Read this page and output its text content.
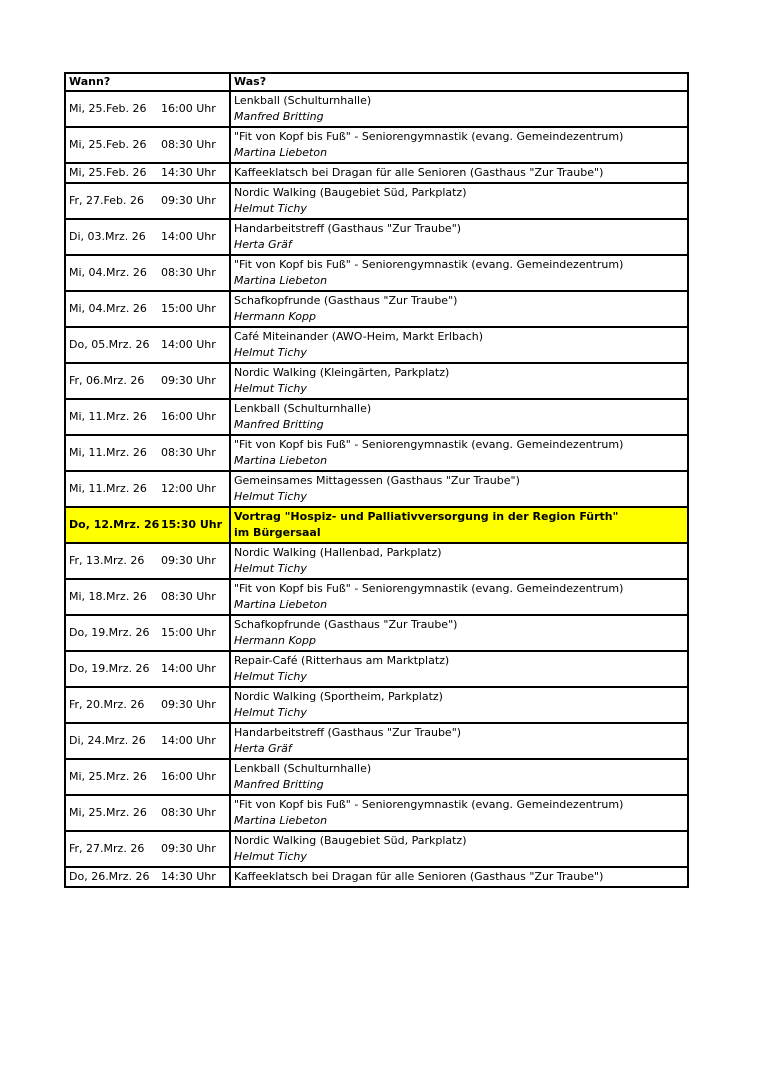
Wann?	Was?

Mi, 25.Feb. 26 16:00 Uhr	Lenkball (Schulturnhalle)
Manfred Britting

Mi, 25.Feb. 26 08:30 Uhr	"Fit von Kopf bis Fuß" - Seniorengymnastik (evang. Gemeindezentrum)
Martina Liebeton

Mi, 25.Feb. 26 14:30 Uhr	Kaffeeklatsch bei Dragan für alle Senioren (Gasthaus "Zur Traube")

Fr, 27.Feb. 26 09:30 Uhr	Nordic Walking (Baugebiet Süd, Parkplatz)
Helmut Tichy

Di, 03.Mrz. 26 14:00 Uhr	Handarbeitstreff (Gasthaus "Zur Traube")
Herta Gräf

Mi, 04.Mrz. 26 08:30 Uhr	"Fit von Kopf bis Fuß" - Seniorengymnastik (evang. Gemeindezentrum)
Martina Liebeton

Mi, 04.Mrz. 26 15:00 Uhr	Schafkopfrunde (Gasthaus "Zur Traube")
Hermann Kopp

Do, 05.Mrz. 26 14:00 Uhr	Café Miteinander (AWO-Heim, Markt Erlbach)
Helmut Tichy

Fr, 06.Mrz. 26 09:30 Uhr	Nordic Walking (Kleingärten, Parkplatz)
Helmut Tichy

Mi, 11.Mrz. 26 16:00 Uhr	Lenkball (Schulturnhalle)
Manfred Britting

Mi, 11.Mrz. 26 08:30 Uhr	"Fit von Kopf bis Fuß" - Seniorengymnastik (evang. Gemeindezentrum)
Martina Liebeton

Mi, 11.Mrz. 26 12:00 Uhr	Gemeinsames Mittagessen (Gasthaus "Zur Traube")
Helmut Tichy

Do, 12.Mrz. 26 15:30 Uhr	Vortrag "Hospiz- und Palliativversorgung in der Region Fürth"
im Bürgersaal

Fr, 13.Mrz. 26 09:30 Uhr	Nordic Walking (Hallenbad, Parkplatz)
Helmut Tichy

Mi, 18.Mrz. 26 08:30 Uhr	"Fit von Kopf bis Fuß" - Seniorengymnastik (evang. Gemeindezentrum)
Martina Liebeton

Do, 19.Mrz. 26 15:00 Uhr	Schafkopfrunde (Gasthaus "Zur Traube")
Hermann Kopp

Do, 19.Mrz. 26 14:00 Uhr	Repair-Café (Ritterhaus am Marktplatz)
Helmut Tichy

Fr, 20.Mrz. 26 09:30 Uhr	Nordic Walking (Sportheim, Parkplatz)
Helmut Tichy

Di, 24.Mrz. 26 14:00 Uhr	Handarbeitstreff (Gasthaus "Zur Traube")
Herta Gräf

Mi, 25.Mrz. 26 16:00 Uhr	Lenkball (Schulturnhalle)
Manfred Britting

Mi, 25.Mrz. 26 08:30 Uhr	"Fit von Kopf bis Fuß" - Seniorengymnastik (evang. Gemeindezentrum)
Martina Liebeton

Fr, 27.Mrz. 26 09:30 Uhr	Nordic Walking (Baugebiet Süd, Parkplatz)
Helmut Tichy

Do, 26.Mrz. 26 14:30 Uhr	Kaffeeklatsch bei Dragan für alle Senioren (Gasthaus "Zur Traube")
